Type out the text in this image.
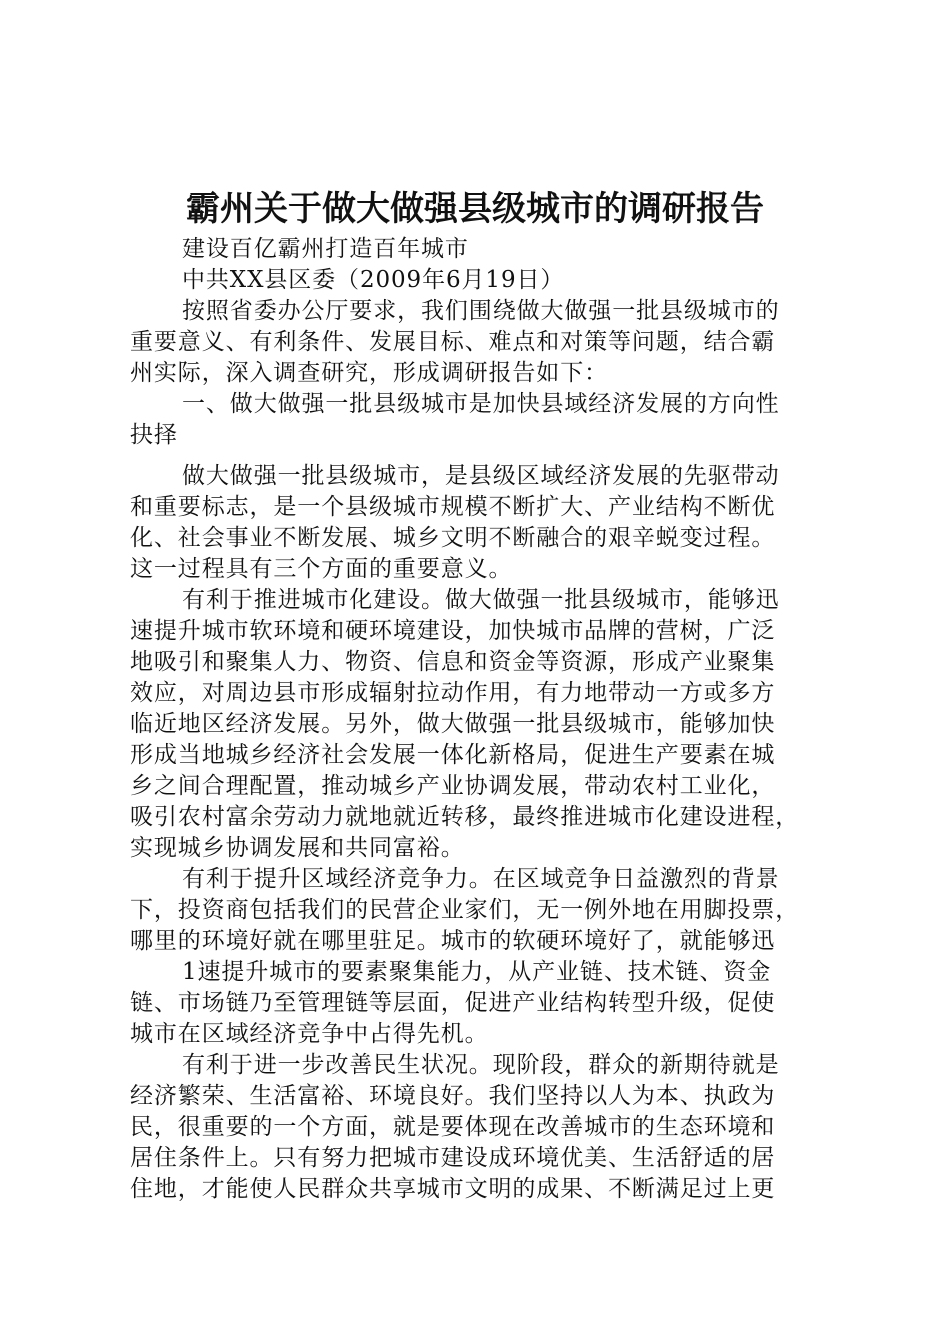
霸州关于做大做强县级城市的调研报告

建设百亿霸州打造百年城市

中共XX县区委（2009年6月19日）

按照省委办公厅要求，我们围绕做大做强一批县级城市的

重要意义、有利条件、发展目标、难点和对策等问题，结合霸

州实际，深入调查研究，形成调研报告如下：

一、做大做强一批县级城市是加快县域经济发展的方向性

抉择

做大做强一批县级城市，是县级区域经济发展的先驱带动

和重要标志，是一个县级城市规模不断扩大、产业结构不断优

化、社会事业不断发展、城乡文明不断融合的艰辛蜕变过程。

这一过程具有三个方面的重要意义。

有利于推进城市化建设。做大做强一批县级城市，能够迅

速提升城市软环境和硬环境建设，加快城市品牌的营树，广泛

地吸引和聚集人力、物资、信息和资金等资源，形成产业聚集

效应，对周边县市形成辐射拉动作用，有力地带动一方或多方

临近地区经济发展。另外，做大做强一批县级城市，能够加快

形成当地城乡经济社会发展一体化新格局，促进生产要素在城

乡之间合理配置，推动城乡产业协调发展，带动农村工业化，

吸引农村富余劳动力就地就近转移，最终推进城市化建设进程，

实现城乡协调发展和共同富裕。

有利于提升区域经济竞争力。在区域竞争日益激烈的背景

下，投资商包括我们的民营企业家们，无一例外地在用脚投票，

哪里的环境好就在哪里驻足。城市的软硬环境好了，就能够迅

1速提升城市的要素聚集能力，从产业链、技术链、资金

链、市场链乃至管理链等层面，促进产业结构转型升级，促使

城市在区域经济竞争中占得先机。

有利于进一步改善民生状况。现阶段，群众的新期待就是

经济繁荣、生活富裕、环境良好。我们坚持以人为本、执政为

民，很重要的一个方面，就是要体现在改善城市的生态环境和

居住条件上。只有努力把城市建设成环境优美、生活舒适的居

住地，才能使人民群众共享城市文明的成果、不断满足过上更
